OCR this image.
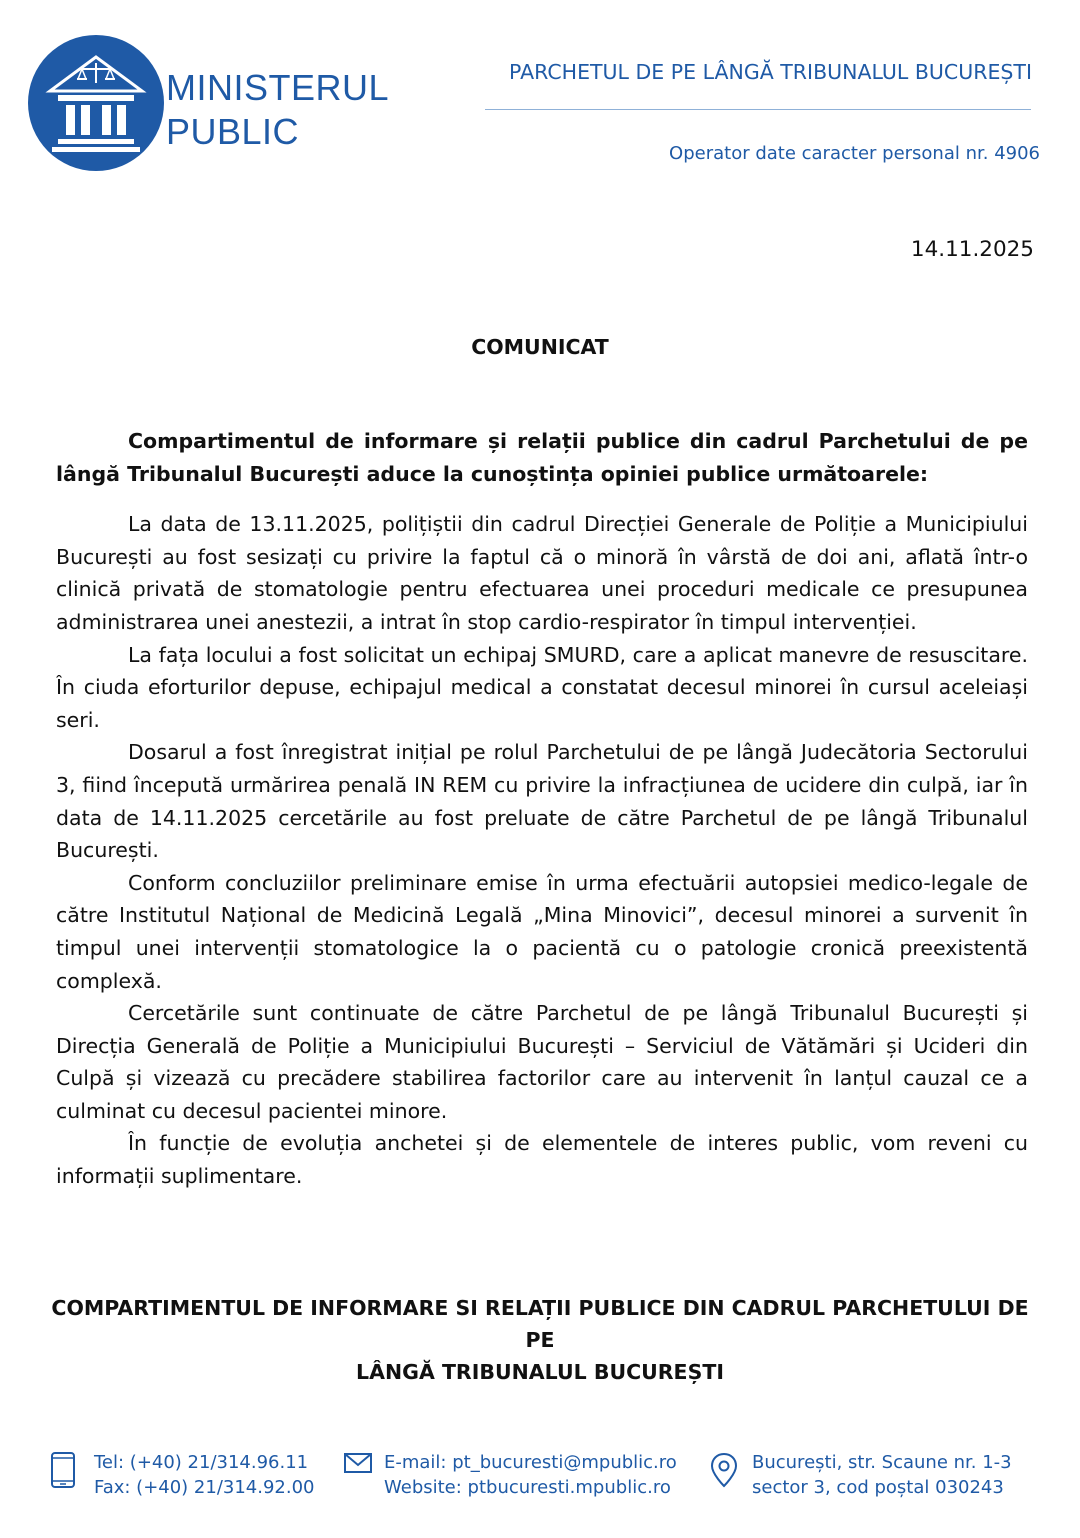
MINISTERUL
PUBLIC
PARCHETUL DE PE LÂNGĂ TRIBUNALUL BUCUREȘTI
Operator date caracter personal nr. 4906
14.11.2025
COMUNICAT

Compartimentul de informare și relații publice din cadrul Parchetului de pe lângă Tribunalul București aduce la cunoștința opiniei publice următoarele:

La data de 13.11.2025, polițiștii din cadrul Direcției Generale de Poliție a Municipiului București au fost sesizați cu privire la faptul că o minoră în vârstă de doi ani, aflată într-o clinică privată de stomatologie pentru efectuarea unei proceduri medicale ce presupunea administrarea unei anestezii, a intrat în stop cardio-respirator în timpul intervenției.

La fața locului a fost solicitat un echipaj SMURD, care a aplicat manevre de resuscitare. În ciuda eforturilor depuse, echipajul medical a constatat decesul minorei în cursul aceleiași seri.

Dosarul a fost înregistrat inițial pe rolul Parchetului de pe lângă Judecătoria Sectorului 3, fiind începută urmărirea penală IN REM cu privire la infracțiunea de ucidere din culpă, iar în data de 14.11.2025 cercetările au fost preluate de către Parchetul de pe lângă Tribunalul București.

Conform concluziilor preliminare emise în urma efectuării autopsiei medico-legale de către Institutul Național de Medicină Legală „Mina Minovici”, decesul minorei a survenit în timpul unei intervenții stomatologice la o pacientă cu o patologie cronică preexistentă complexă.

Cercetările sunt continuate de către Parchetul de pe lângă Tribunalul București și Direcția Generală de Poliție a Municipiului București – Serviciul de Vătămări și Ucideri din Culpă și vizează cu precădere stabilirea factorilor care au intervenit în lanțul cauzal ce a culminat cu decesul pacientei minore.

În funcție de evoluția anchetei și de elementele de interes public, vom reveni cu informații suplimentare.

COMPARTIMENTUL DE INFORMARE SI RELAȚII PUBLICE DIN CADRUL PARCHETULUI DE PE
LÂNGĂ TRIBUNALUL BUCUREȘTI
Tel: (+40) 21/314.96.11
Fax: (+40) 21/314.92.00
E-mail: pt_bucuresti@mpublic.ro
Website: ptbucuresti.mpublic.ro
București, str. Scaune nr. 1-3
sector 3, cod poștal 030243
